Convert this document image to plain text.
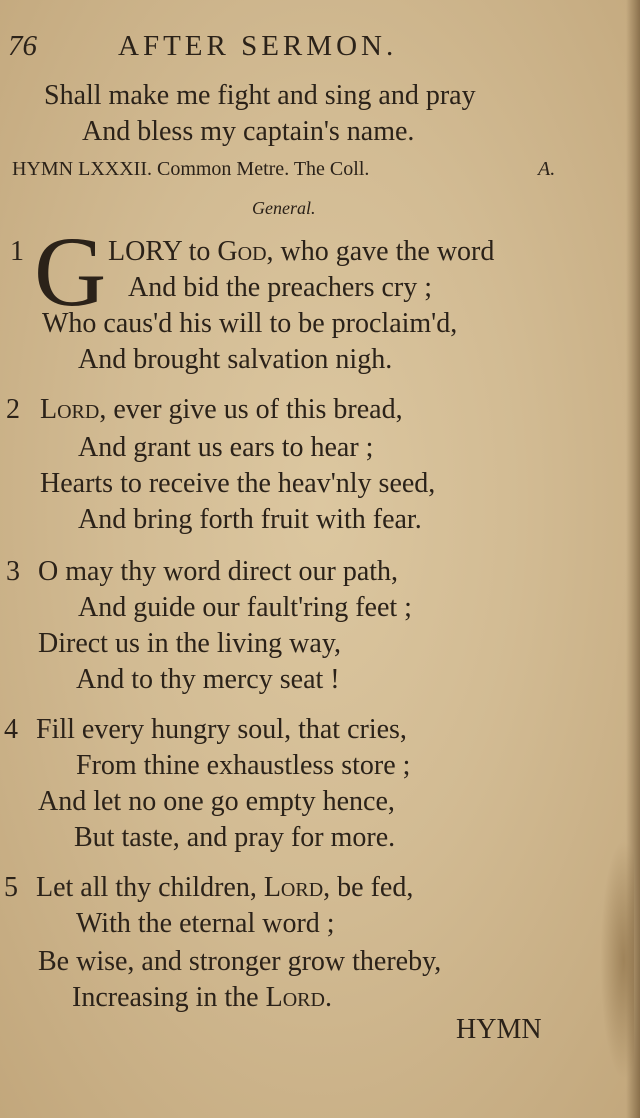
76	AFTER SERMON.
Shall make me fight and sing and pray
And bless my captain's name.
HYMN LXXXII. Common Metre. The Coll.	A.
General.
1 G LORY to God, who gave the word
And bid the preachers cry ;
Who caus'd his will to be proclaim'd,
And brought salvation nigh.
2 Lord, ever give us of this bread,
And grant us ears to hear ;
Hearts to receive the heav'nly seed,
And bring forth fruit with fear.
3 O may thy word direct our path,
And guide our fault'ring feet ;
Direct us in the living way,
And to thy mercy seat !
4 Fill every hungry soul, that cries,
From thine exhaustless store ;
And let no one go empty hence,
But taste, and pray for more.
5 Let all thy children, Lord, be fed,
With the eternal word ;
Be wise, and stronger grow thereby,
Increasing in the Lord.
HYMN
